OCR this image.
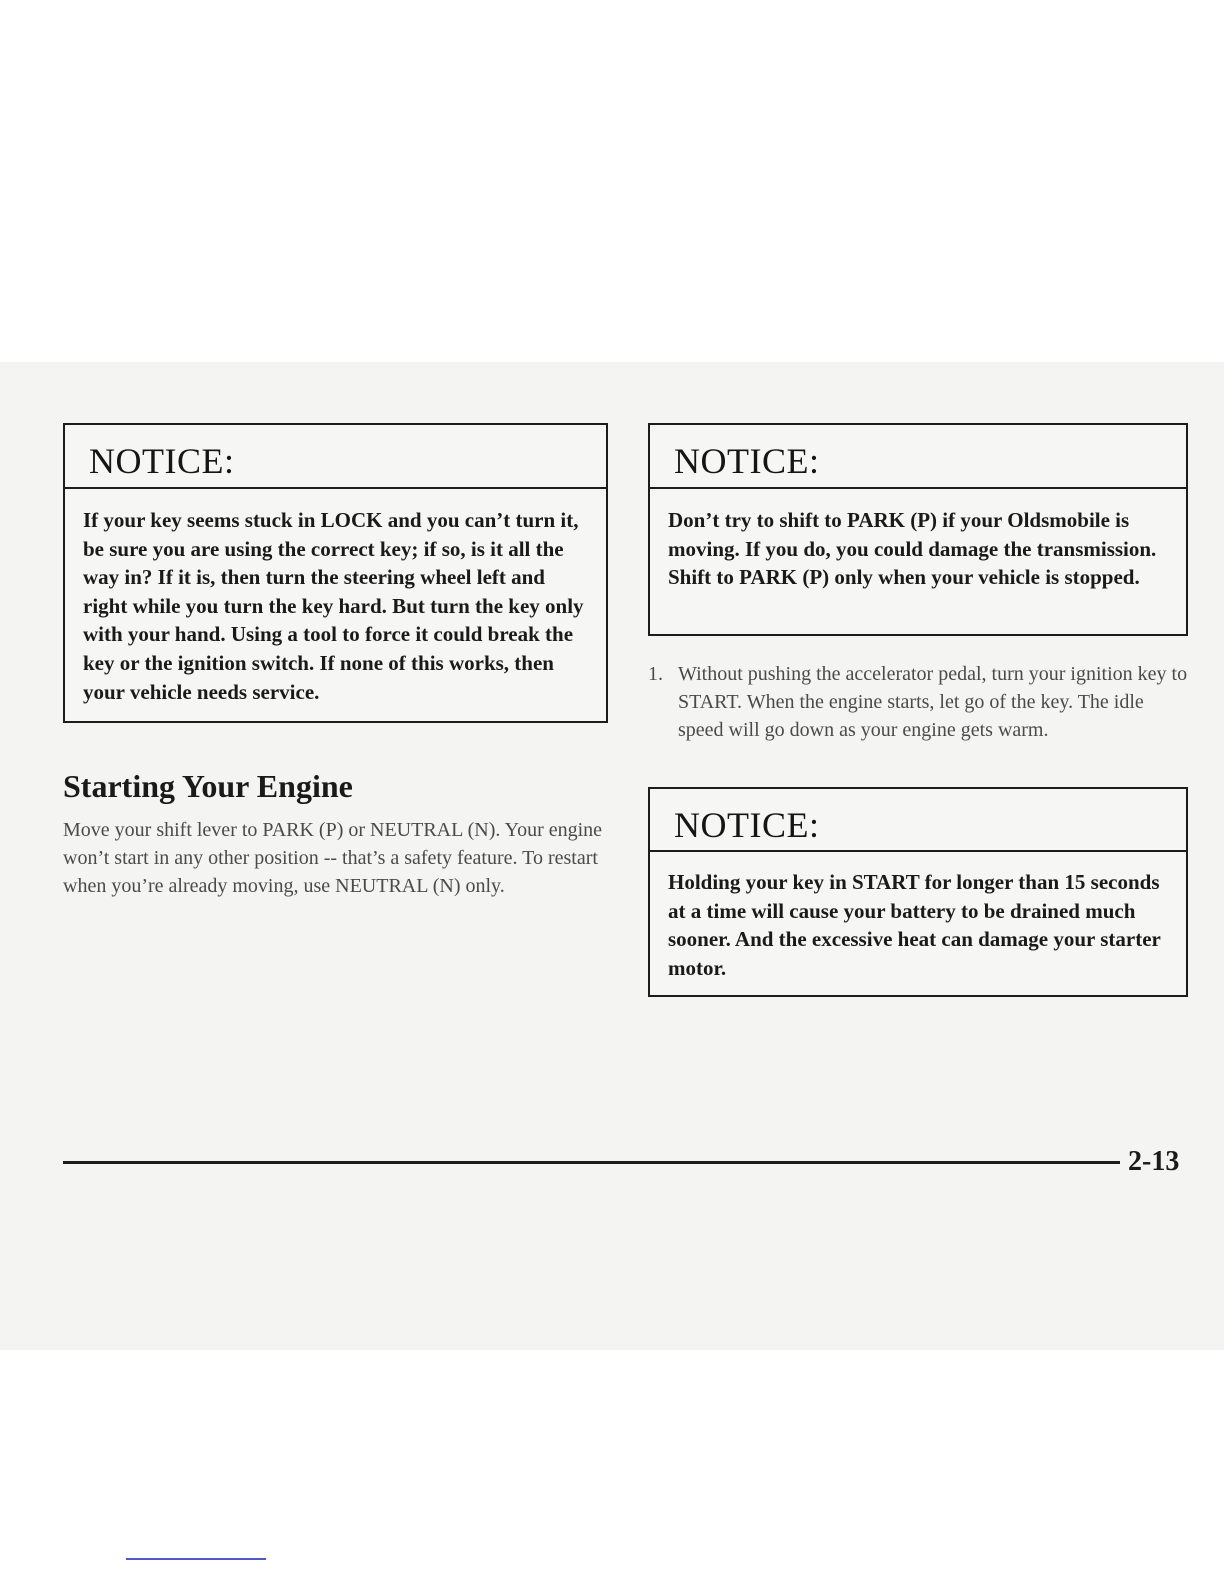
NOTICE:
If your key seems stuck in LOCK and you can’t turn it, be sure you are using the correct key; if so, is it all the way in? If it is, then turn the steering wheel left and right while you turn the key hard. But turn the key only with your hand. Using a tool to force it could break the key or the ignition switch. If none of this works, then your vehicle needs service.
Starting Your Engine

Move your shift lever to PARK (P) or NEUTRAL (N). Your engine won’t start in any other position -- that’s a safety feature. To restart when you’re already moving, use NEUTRAL (N) only.

NOTICE:
Don’t try to shift to PARK (P) if your Oldsmobile is moving. If you do, you could damage the transmission. Shift to PARK (P) only when your vehicle is stopped.
1. Without pushing the accelerator pedal, turn your ignition key to START. When the engine starts, let go of the key. The idle speed will go down as your engine gets warm.

NOTICE:
Holding your key in START for longer than 15 seconds at a time will cause your battery to be drained much sooner. And the excessive heat can damage your starter motor.
2-13
